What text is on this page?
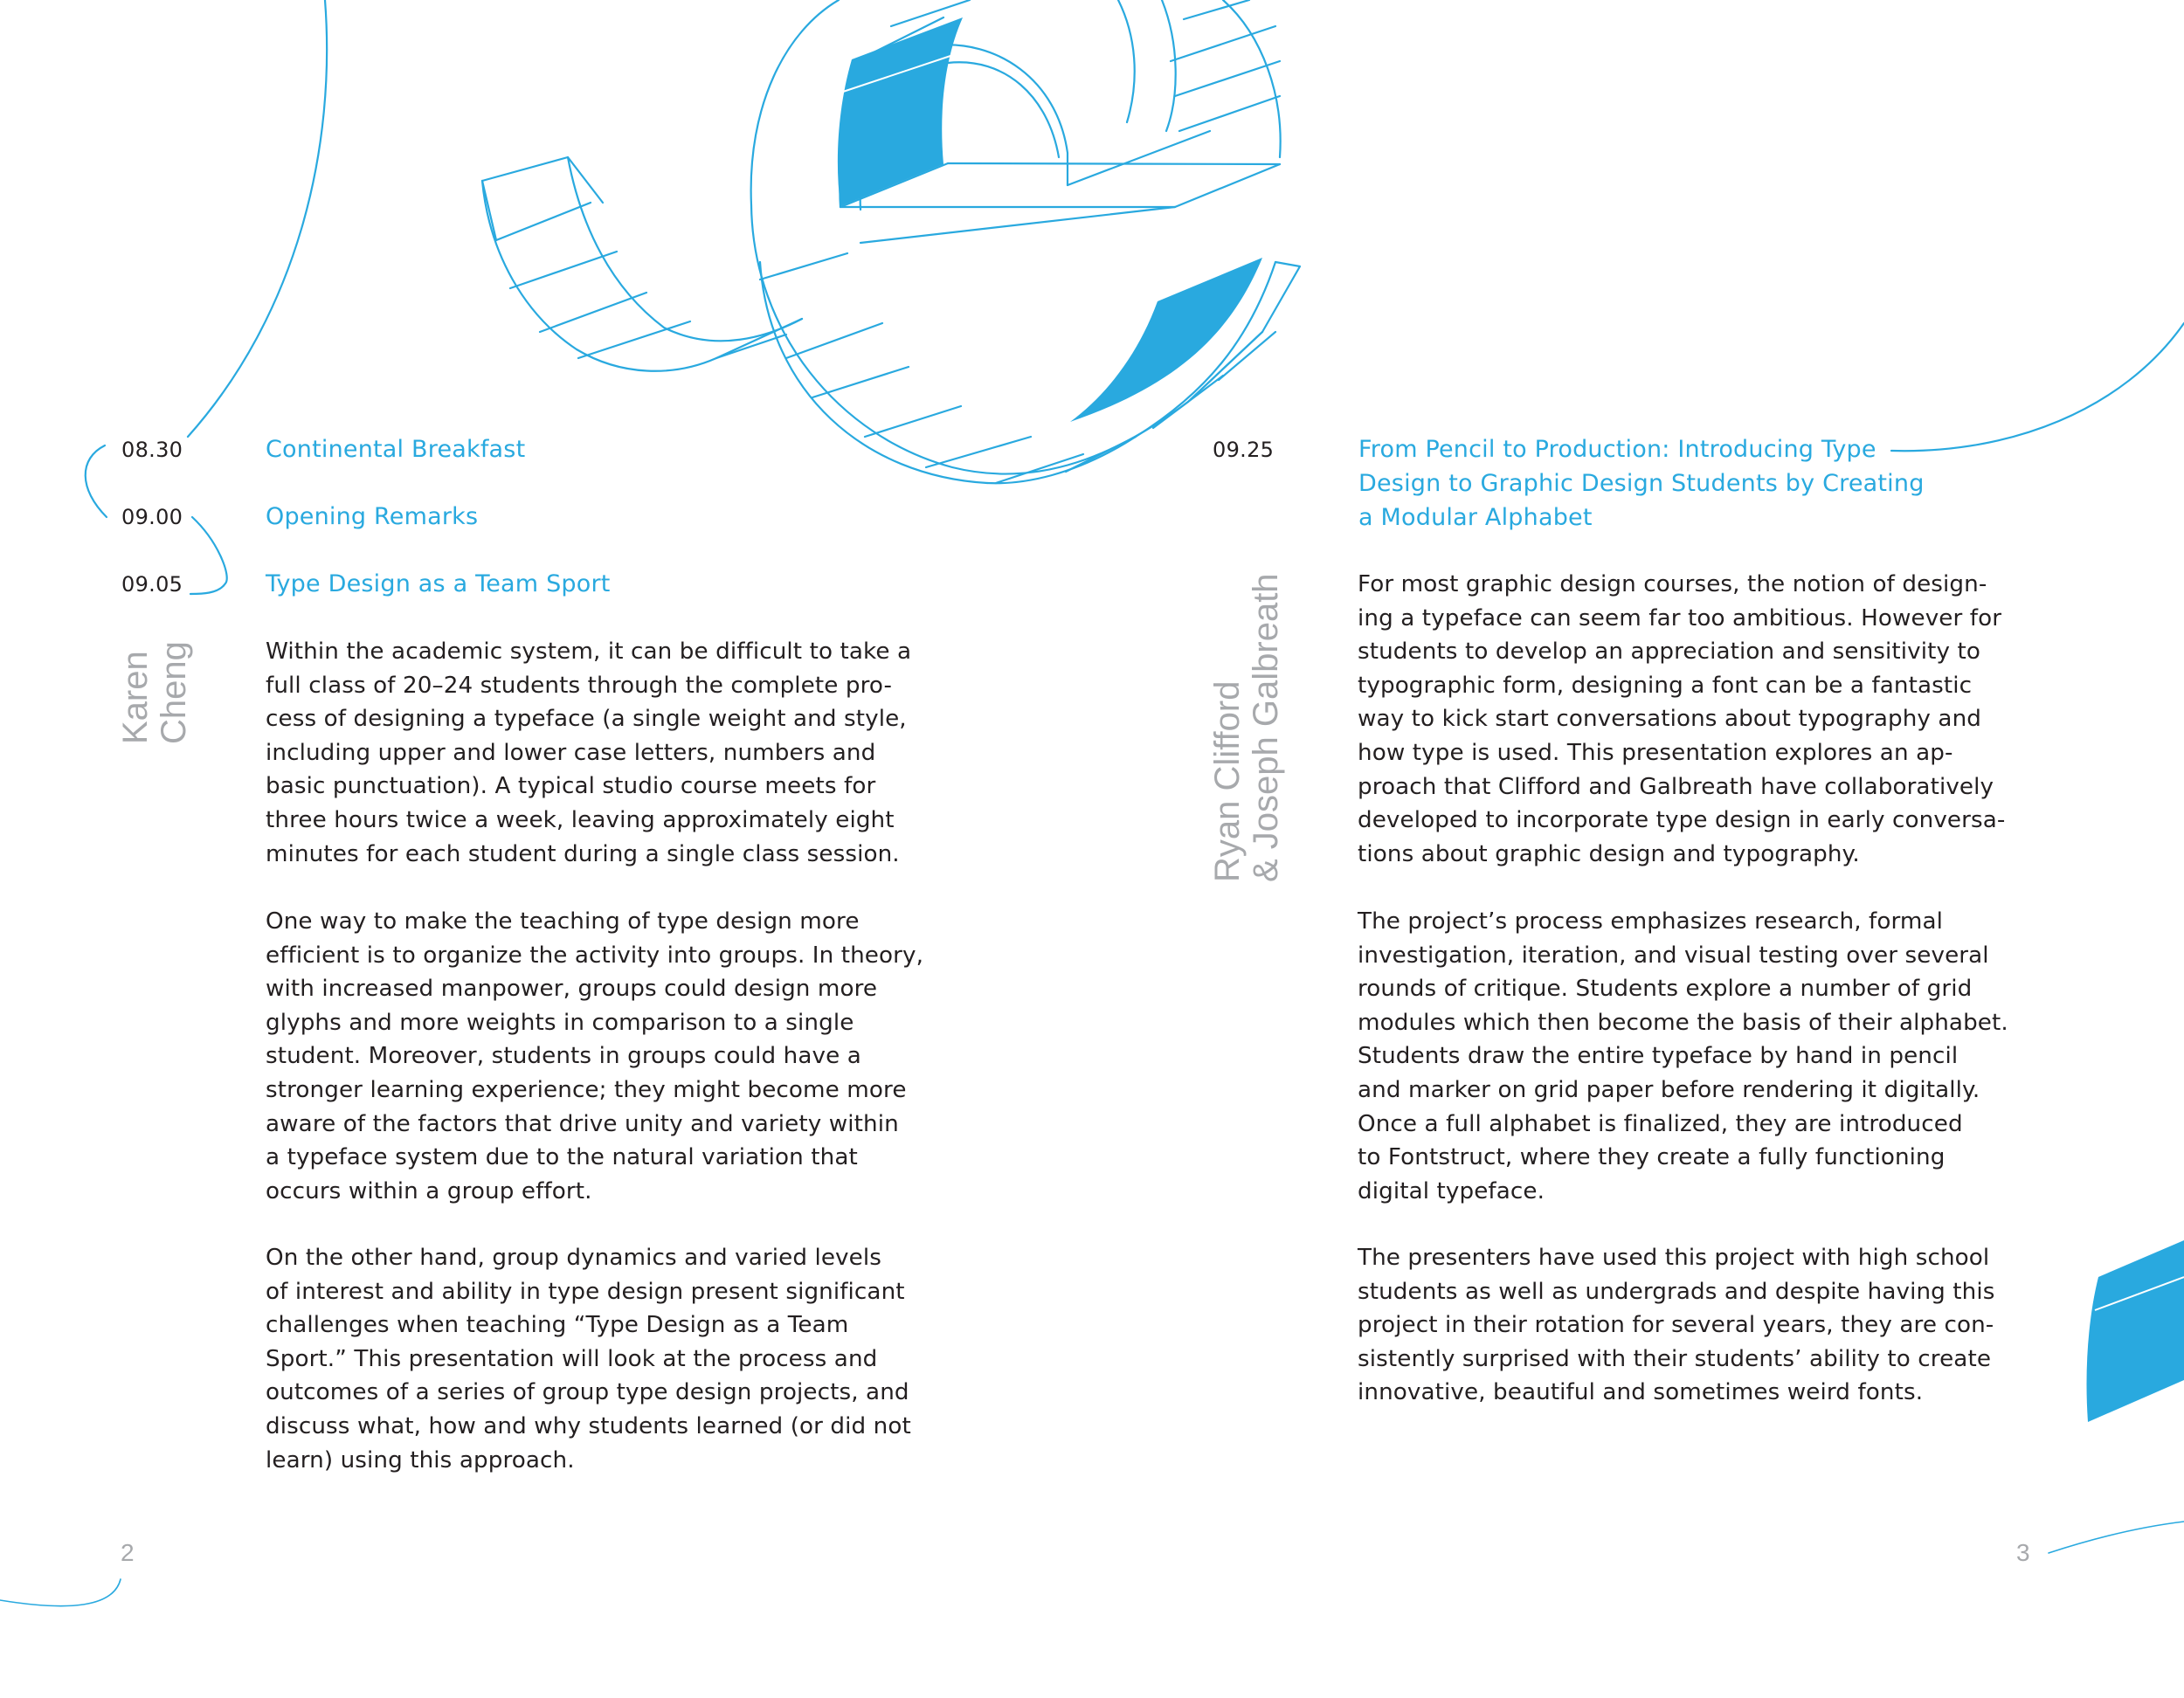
08.30	Continental Breakfast
09.00	Opening Remarks
09.05	Type Design as a Team Sport
Karen
Cheng	Within the academic system, it can be difficult to take a
full class of 20–24 students through the complete pro-
cess of designing a typeface (a single weight and style,
including upper and lower case letters, numbers and
basic punctuation). A typical studio course meets for
three hours twice a week, leaving approximately eight
minutes for each student during a single class session.
One way to make the teaching of type design more
efficient is to organize the activity into groups. In theory,
with increased manpower, groups could design more
glyphs and more weights in comparison to a single
student. Moreover, students in groups could have a
stronger learning experience; they might become more
aware of the factors that drive unity and variety within
a typeface system due to the natural variation that
occurs within a group effort.
On the other hand, group dynamics and varied levels
of interest and ability in type design present significant
challenges when teaching “Type Design as a Team
Sport.” This presentation will look at the process and
outcomes of a series of group type design projects, and
discuss what, how and why students learned (or did not
learn) using this approach.
2
09.25	From Pencil to Production: Introducing Type
Design to Graphic Design Students by Creating
a Modular Alphabet
Ryan Clifford
& Joseph Galbreath	For most graphic design courses, the notion of design-
ing a typeface can seem far too ambitious. However for
students to develop an appreciation and sensitivity to
typographic form, designing a font can be a fantastic
way to kick start conversations about typography and
how type is used. This presentation explores an ap-
proach that Clifford and Galbreath have collaboratively
developed to incorporate type design in early conversa-
tions about graphic design and typography.
The project’s process emphasizes research, formal
investigation, iteration, and visual testing over several
rounds of critique. Students explore a number of grid
modules which then become the basis of their alphabet.
Students draw the entire typeface by hand in pencil
and marker on grid paper before rendering it digitally.
Once a full alphabet is finalized, they are introduced
to Fontstruct, where they create a fully functioning
digital typeface.
The presenters have used this project with high school
students as well as undergrads and despite having this
project in their rotation for several years, they are con-
sistently surprised with their students’ ability to create
innovative, beautiful and sometimes weird fonts.
3
